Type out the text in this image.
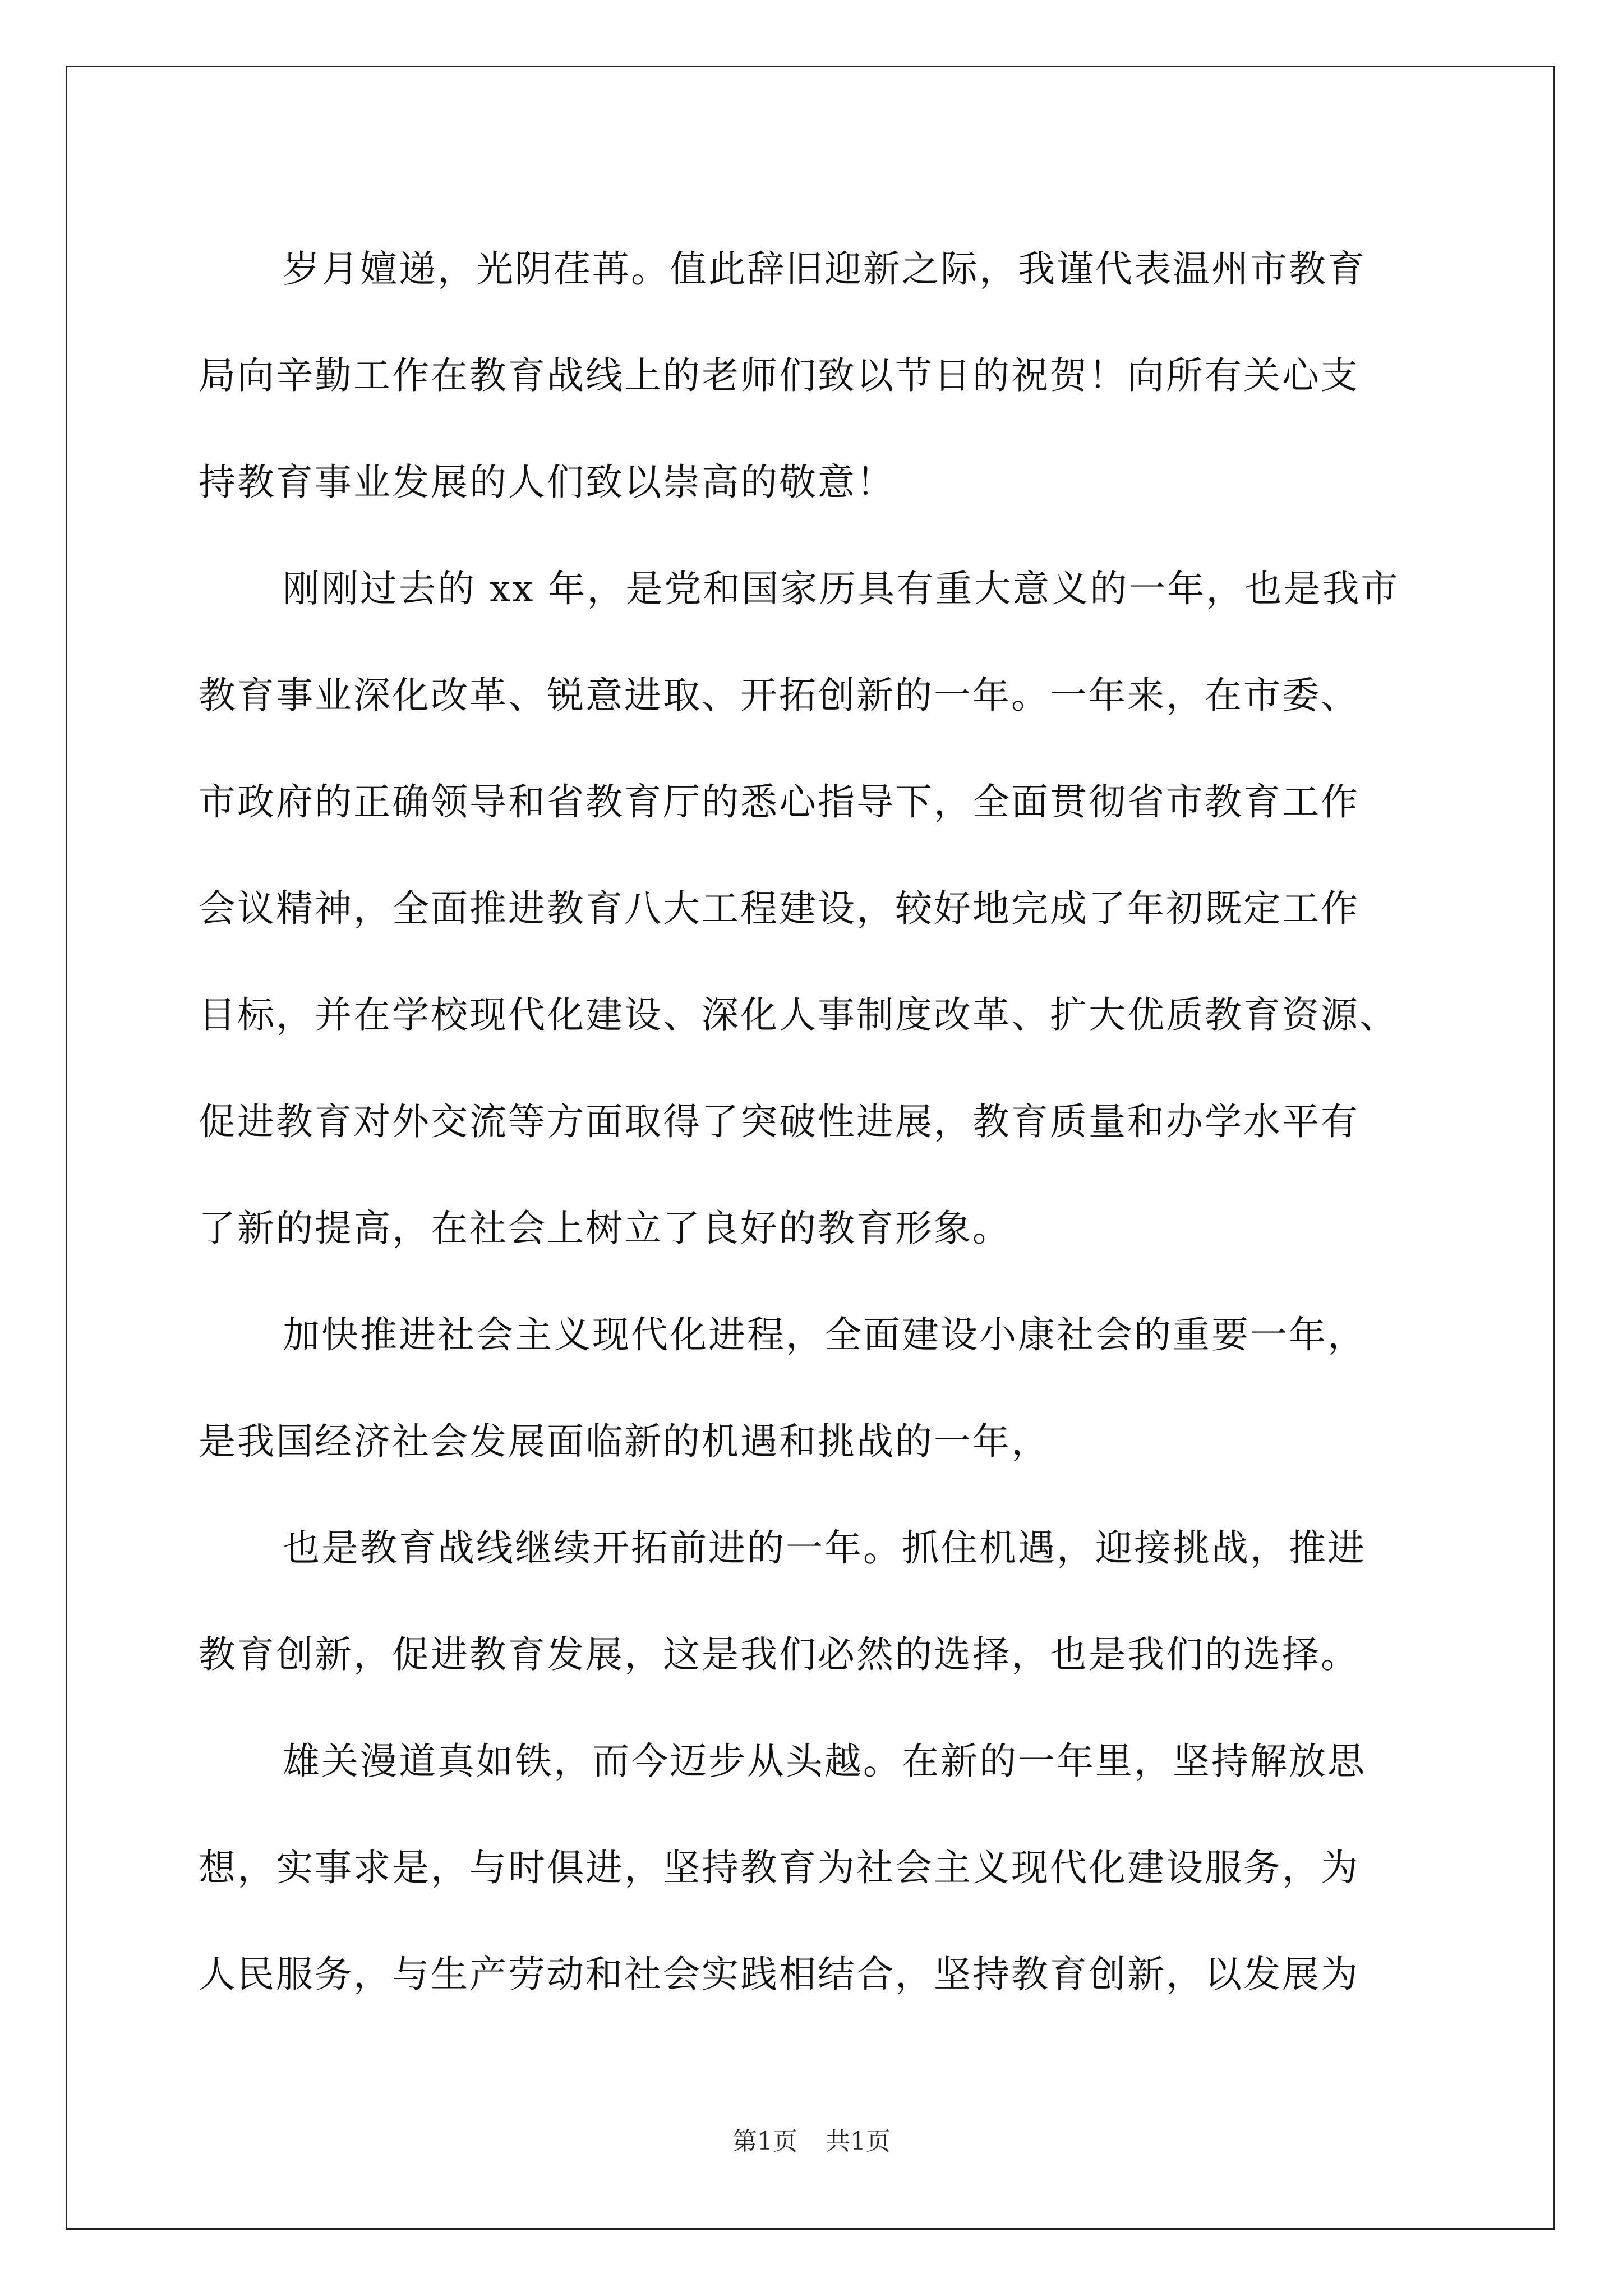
岁月嬗递，光阴荏苒。值此辞旧迎新之际，我谨代表温州市教育
局向辛勤工作在教育战线上的老师们致以节日的祝贺！向所有关心支
持教育事业发展的人们致以崇高的敬意！
刚刚过去的 xx 年，是党和国家历具有重大意义的一年，也是我市
教育事业深化改革、锐意进取、开拓创新的一年。一年来，在市委、
市政府的正确领导和省教育厅的悉心指导下，全面贯彻省市教育工作
会议精神，全面推进教育八大工程建设，较好地完成了年初既定工作
目标，并在学校现代化建设、深化人事制度改革、扩大优质教育资源、
促进教育对外交流等方面取得了突破性进展，教育质量和办学水平有
了新的提高，在社会上树立了良好的教育形象。
加快推进社会主义现代化进程，全面建设小康社会的重要一年，
是我国经济社会发展面临新的机遇和挑战的一年，
也是教育战线继续开拓前进的一年。抓住机遇，迎接挑战，推进
教育创新，促进教育发展，这是我们必然的选择，也是我们的选择。
雄关漫道真如铁，而今迈步从头越。在新的一年里，坚持解放思
想，实事求是，与时俱进，坚持教育为社会主义现代化建设服务，为
人民服务，与生产劳动和社会实践相结合，坚持教育创新，以发展为
第1页 共1页
